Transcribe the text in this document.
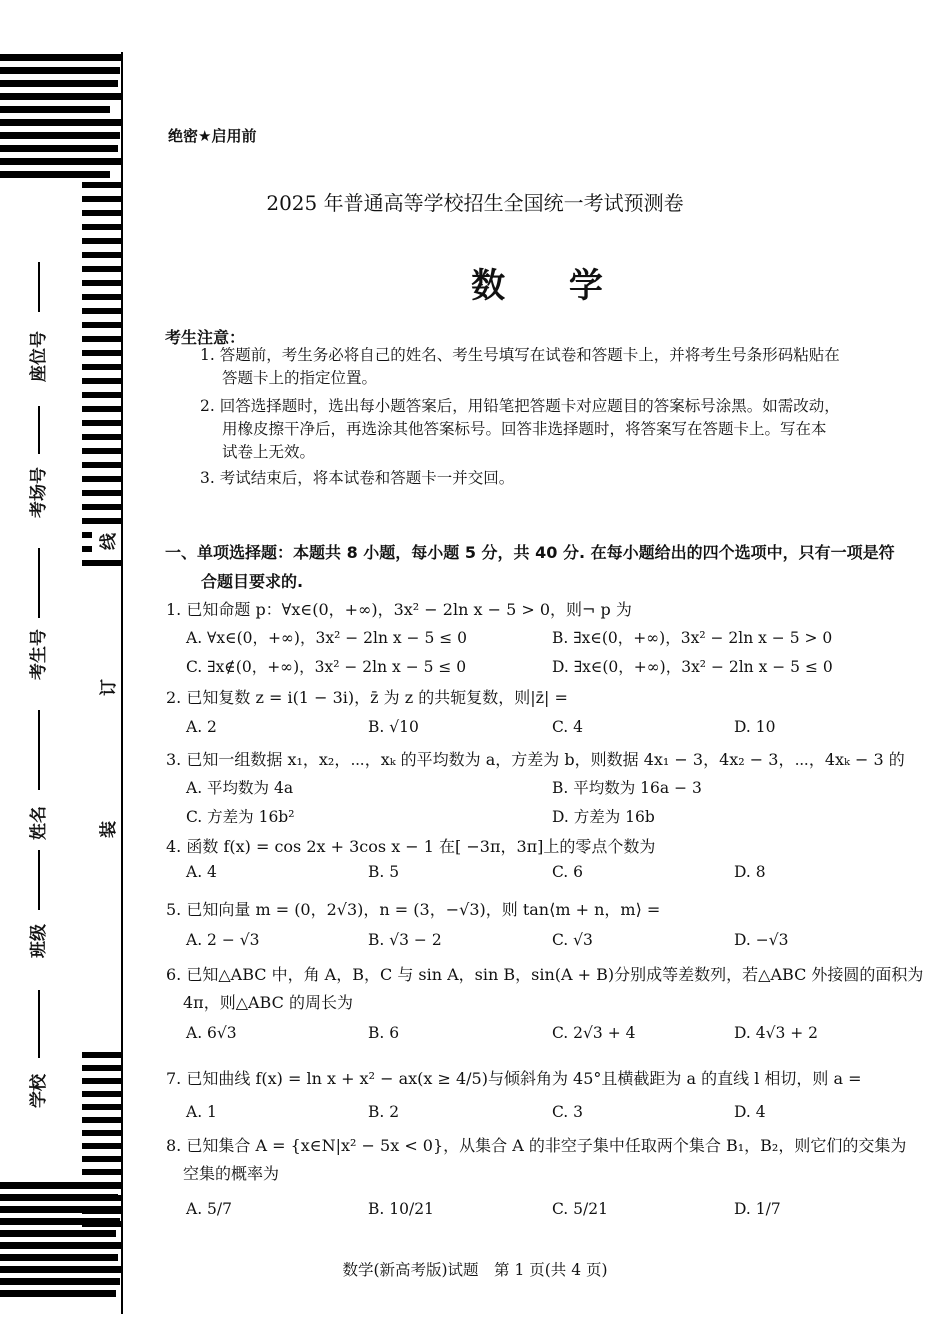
座位号
考场号
考生号
姓名
班级
学校
线
订
装
绝密★启用前
2025 年普通高等学校招生全国统一考试预测卷
数 学
考生注意：
1. 答题前，考生务必将自己的姓名、考生号填写在试卷和答题卡上，并将考生号条形码粘贴在
答题卡上的指定位置。
2. 回答选择题时，选出每小题答案后，用铅笔把答题卡对应题目的答案标号涂黑。如需改动，
用橡皮擦干净后，再选涂其他答案标号。回答非选择题时，将答案写在答题卡上。写在本
试卷上无效。
3. 考试结束后，将本试卷和答题卡一并交回。
一、单项选择题：本题共 8 小题，每小题 5 分，共 40 分. 在每小题给出的四个选项中，只有一项是符
合题目要求的.
1. 已知命题 p：∀x∈(0，+∞)，3x² − 2ln x − 5 > 0，则¬ p 为
A. ∀x∈(0，+∞)，3x² − 2ln x − 5 ≤ 0	B. ∃x∈(0，+∞)，3x² − 2ln x − 5 > 0
C. ∃x∉(0，+∞)，3x² − 2ln x − 5 ≤ 0	D. ∃x∈(0，+∞)，3x² − 2ln x − 5 ≤ 0
2. 已知复数 z = i(1 − 3i)，z̄ 为 z 的共轭复数，则|z̄| =
A. 2	B. √10	C. 4	D. 10
3. 已知一组数据 x₁，x₂，⋯，xₖ 的平均数为 a，方差为 b，则数据 4x₁ − 3，4x₂ − 3，⋯，4xₖ − 3 的
A. 平均数为 4a	B. 平均数为 16a − 3
C. 方差为 16b²	D. 方差为 16b
4. 函数 f(x) = cos 2x + 3cos x − 1 在[ −3π，3π]上的零点个数为
A. 4	B. 5	C. 6	D. 8
5. 已知向量 m = (0，2√3)，n = (3，−√3)，则 tan⟨m + n，m⟩ =
A. 2 − √3	B. √3 − 2	C. √3	D. −√3
6. 已知△ABC 中，角 A，B，C 与 sin A，sin B，sin(A + B)分别成等差数列，若△ABC 外接圆的面积为
4π，则△ABC 的周长为
A. 6√3	B. 6	C. 2√3 + 4	D. 4√3 + 2
7. 已知曲线 f(x) = ln x + x² − ax(x ≥ 4/5)与倾斜角为 45°且横截距为 a 的直线 l 相切，则 a =
A. 1	B. 2	C. 3	D. 4
8. 已知集合 A = {x∈N|x² − 5x < 0}，从集合 A 的非空子集中任取两个集合 B₁，B₂，则它们的交集为
空集的概率为
A. 5/7	B. 10/21	C. 5/21	D. 1/7
数学(新高考版)试题　第 1 页(共 4 页)
